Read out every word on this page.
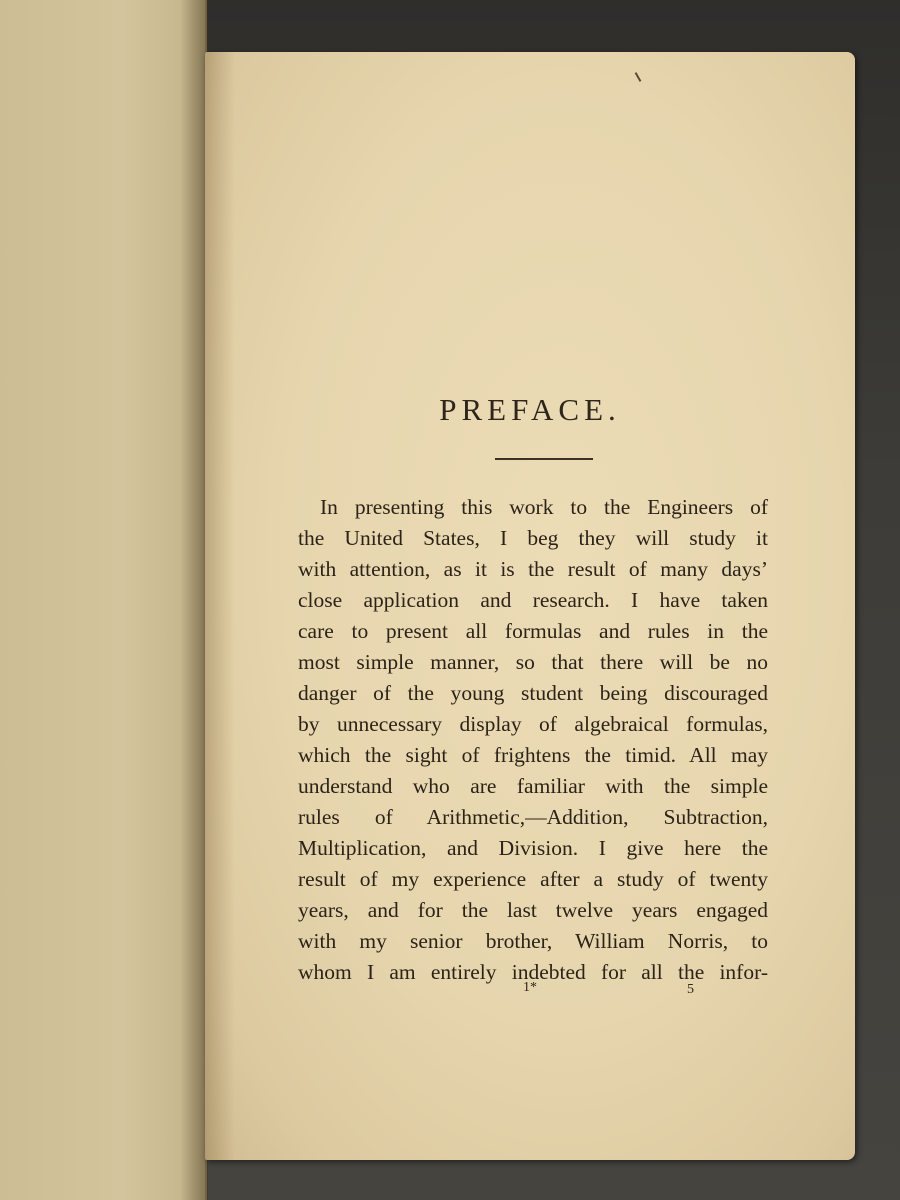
PREFACE.
In presenting this work to the Engineers of
the United States, I beg they will study it
with attention, as it is the result of many days’
close application and research. I have taken
care to present all formulas and rules in the
most simple manner, so that there will be no
danger of the young student being discouraged
by unnecessary display of algebraical formulas,
which the sight of frightens the timid. All may
understand who are familiar with the simple
rules of Arithmetic,—Addition, Subtraction,
Multiplication, and Division. I give here the
result of my experience after a study of twenty
years, and for the last twelve years engaged
with my senior brother, William Norris, to
whom I am entirely indebted for all the infor-
1*	5
